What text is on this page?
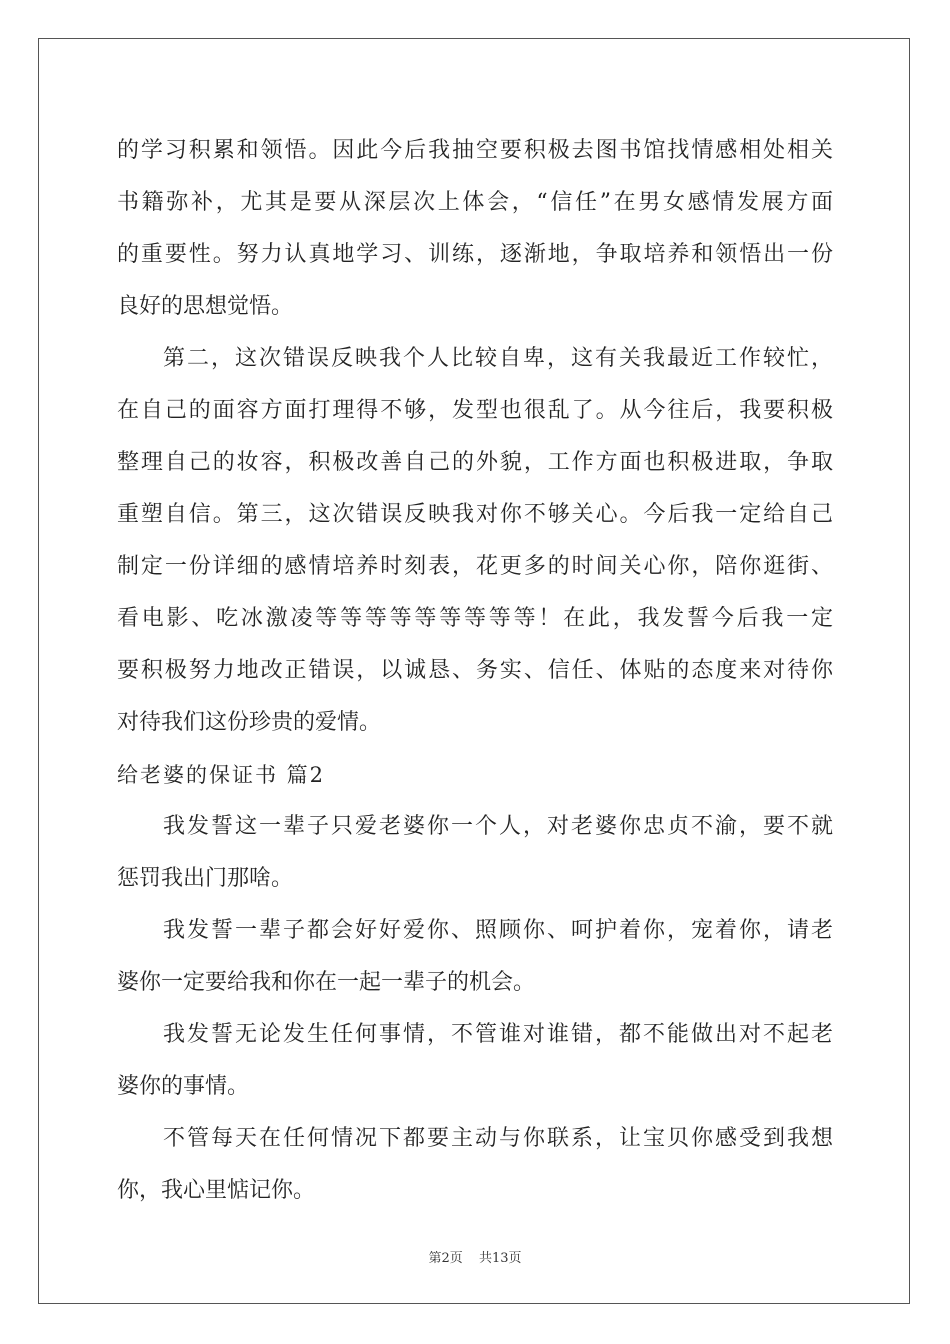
的学习积累和领悟。因此今后我抽空要积极去图书馆找情感相处相关
书籍弥补，尤其是要从深层次上体会，“信任”在男女感情发展方面
的重要性。努力认真地学习、训练，逐渐地，争取培养和领悟出一份
良好的思想觉悟。
第二，这次错误反映我个人比较自卑，这有关我最近工作较忙，
在自己的面容方面打理得不够，发型也很乱了。从今往后，我要积极
整理自己的妆容，积极改善自己的外貌，工作方面也积极进取，争取
重塑自信。第三，这次错误反映我对你不够关心。今后我一定给自己
制定一份详细的感情培养时刻表，花更多的时间关心你，陪你逛街、
看电影、吃冰激凌等等等等等等等等等！在此，我发誓今后我一定
要积极努力地改正错误，以诚恳、务实、信任、体贴的态度来对待你
对待我们这份珍贵的爱情。
给老婆的保证书 篇2
我发誓这一辈子只爱老婆你一个人，对老婆你忠贞不渝，要不就
惩罚我出门那啥。
我发誓一辈子都会好好爱你、照顾你、呵护着你，宠着你，请老
婆你一定要给我和你在一起一辈子的机会。
我发誓无论发生任何事情，不管谁对谁错，都不能做出对不起老
婆你的事情。
不管每天在任何情况下都要主动与你联系，让宝贝你感受到我想
你，我心里惦记你。
第2页 共13页
